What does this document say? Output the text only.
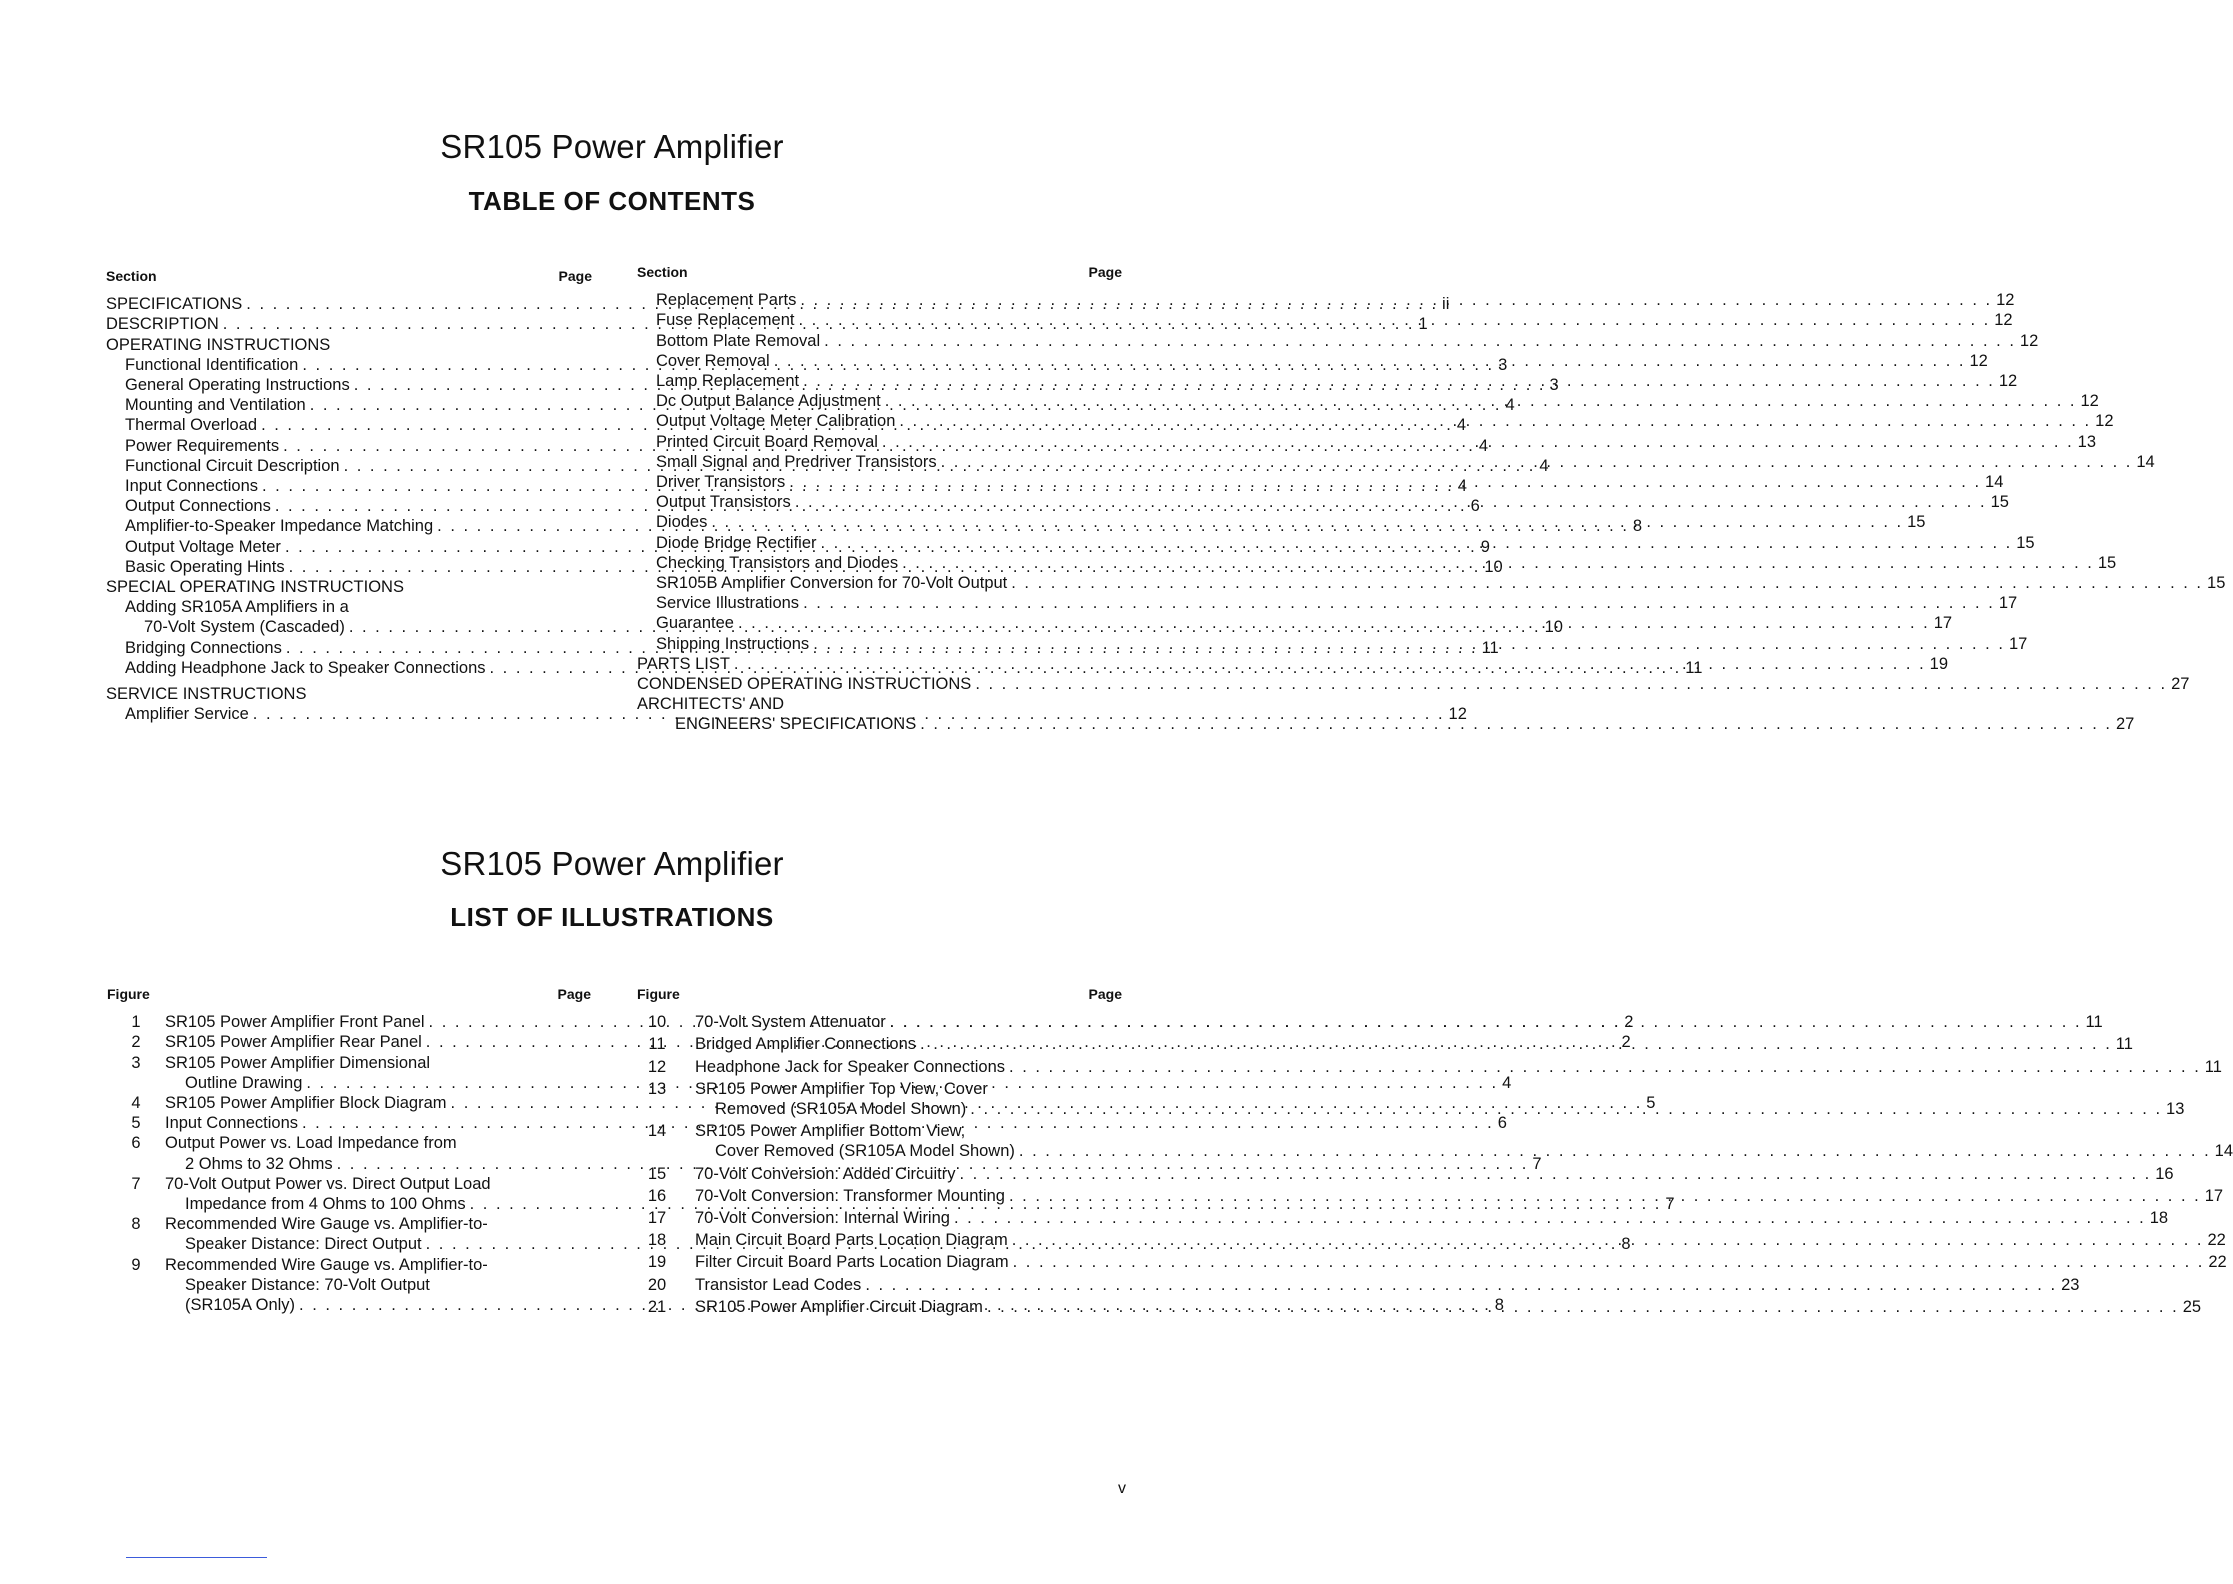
SR105 Power Amplifier
TABLE OF CONTENTS
Section	Page
SPECIFICATIONS . . .	ii
DESCRIPTION . . .	1
OPERATING INSTRUCTIONS
Functional Identification . . .	3
General Operating Instructions . . .	3
Mounting and Ventilation . . .	4
Thermal Overload . . .	4
Power Requirements . . .	4
Functional Circuit Description . . .	4
Input Connections . . .	4
Output Connections . . .	6
Amplifier-to-Speaker Impedance Matching . . .	8
Output Voltage Meter . . .	9
Basic Operating Hints . . .	10
SPECIAL OPERATING INSTRUCTIONS
Adding SR105A Amplifiers in a
70-Volt System (Cascaded) . . .	10
Bridging Connections . . .	11
Adding Headphone Jack to Speaker Connections . . .	11
SERVICE INSTRUCTIONS
Amplifier Service . . .	12
Section	Page
Replacement Parts . . .	12
Fuse Replacement . . .	12
Bottom Plate Removal . . .	12
Cover Removal . . .	12
Lamp Replacement . . .	12
Dc Output Balance Adjustment . . .	12
Output Voltage Meter Calibration . . .	12
Printed Circuit Board Removal . . .	13
Small Signal and Predriver Transistors . . .	14
Driver Transistors . . .	14
Output Transistors . . .	15
Diodes . . .	15
Diode Bridge Rectifier . . .	15
Checking Transistors and Diodes . . .	15
SR105B Amplifier Conversion for 70-Volt Output . . .	15
Service Illustrations . . .	17
Guarantee . . .	17
Shipping Instructions . . .	17
PARTS LIST . . .	19
CONDENSED OPERATING INSTRUCTIONS . . .	27
ARCHITECTS' AND
ENGINEERS' SPECIFICATIONS . . .	27
SR105 Power Amplifier
LIST OF ILLUSTRATIONS
Figure	Page
1	SR105 Power Amplifier Front Panel . . .	2
2	SR105 Power Amplifier Rear Panel . . .	2
3	SR105 Power Amplifier Dimensional
Outline Drawing . . .	4
4	SR105 Power Amplifier Block Diagram . . .	5
5	Input Connections . . .	6
6	Output Power vs. Load Impedance from
2 Ohms to 32 Ohms . . .	7
7	70-Volt Output Power vs. Direct Output Load
Impedance from 4 Ohms to 100 Ohms . . .	7
8	Recommended Wire Gauge vs. Amplifier-to-
Speaker Distance: Direct Output . . .	8
9	Recommended Wire Gauge vs. Amplifier-to-
Speaker Distance: 70-Volt Output
(SR105A Only) . . .	8
Figure	Page
10	70-Volt System Attenuator . . .	11
11	Bridged Amplifier Connections . . .	11
12	Headphone Jack for Speaker Connections . . .	11
13	SR105 Power Amplifier Top View, Cover
Removed (SR105A Model Shown) . . .	13
14	SR105 Power Amplifier Bottom View,
Cover Removed (SR105A Model Shown) . . .	14
15	70-Volt Conversion: Added Circuitry . . .	16
16	70-Volt Conversion: Transformer Mounting . . .	17
17	70-Volt Conversion: Internal Wiring . . .	18
18	Main Circuit Board Parts Location Diagram . . .	22
19	Filter Circuit Board Parts Location Diagram . . .	22
20	Transistor Lead Codes . . .	23
21	SR105 Power Amplifier Circuit Diagram . . .	25
v
